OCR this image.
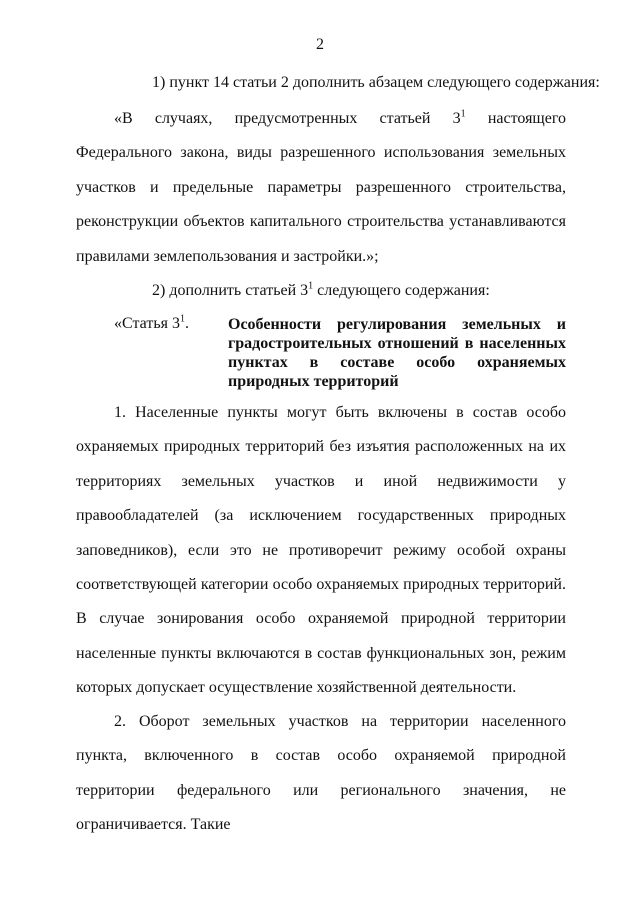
2

1) пункт 14 статьи 2 дополнить абзацем следующего содержания:

«В случаях, предусмотренных статьей $3^1$ настоящего Федерального закона, виды разрешенного использования земельных участков и предельные параметры разрешенного строительства, реконструкции объектов капитального строительства устанавливаются правилами землепользования и застройки.»;

2) дополнить статьей $3^1$ следующего содержания:

«Статья $3^1$. Особенности регулирования земельных и градостроительных отношений в населенных пунктах в составе особо охраняемых природных территорий

1. Населенные пункты могут быть включены в состав особо охраняемых природных территорий без изъятия расположенных на их территориях земельных участков и иной недвижимости у правообладателей (за исключением государственных природных заповедников), если это не противоречит режиму особой охраны соответствующей категории особо охраняемых природных территорий. В случае зонирования особо охраняемой природной территории населенные пункты включаются в состав функциональных зон, режим которых допускает осуществление хозяйственной деятельности.

2. Оборот земельных участков на территории населенного пункта, включенного в состав особо охраняемой природной территории федерального или регионального значения, не ограничивается. Такие
